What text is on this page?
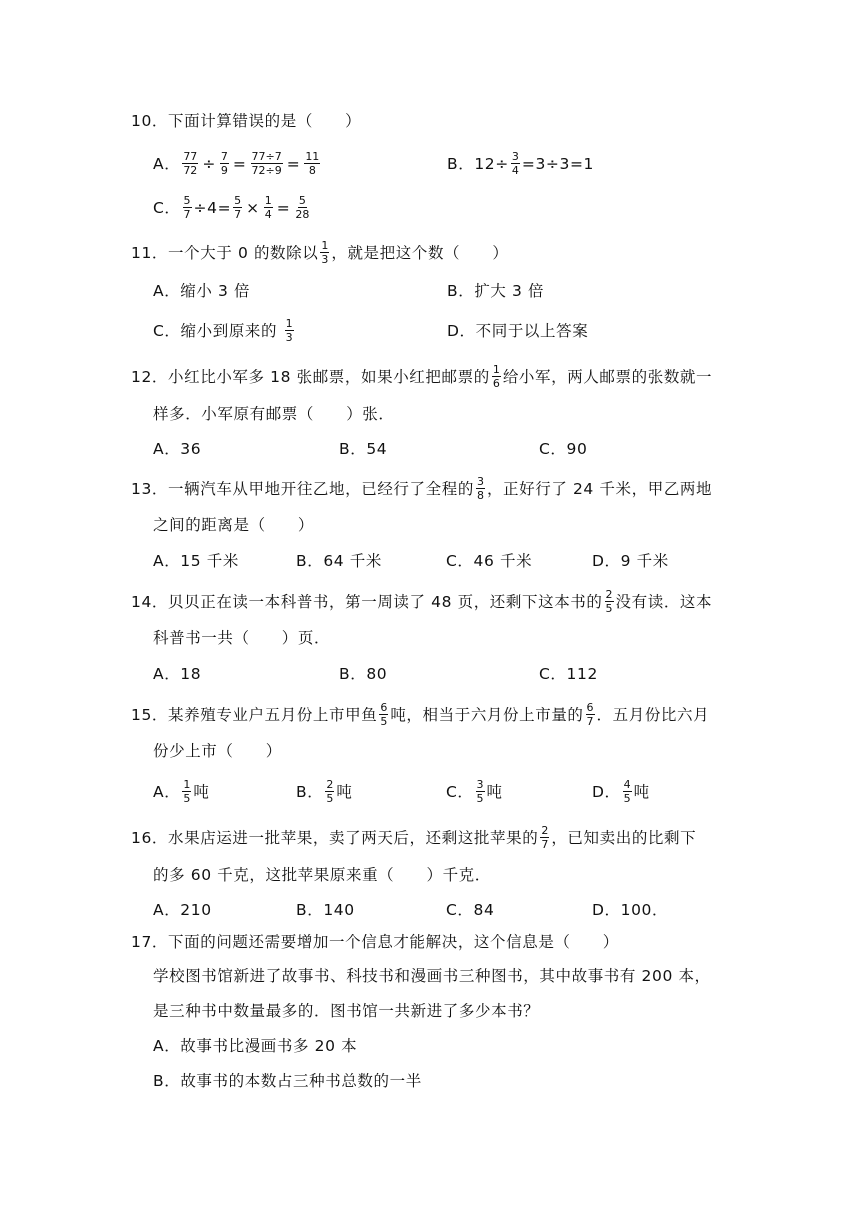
10．下面计算错误的是（　　）
A． $\frac{77}{72} \div \frac{7}{9} = \frac{77\div 7}{72\div 9} = \frac{11}{8}$	B．$12\div \frac{3}{4} =3\div 3=1$
C． $\frac{5}{7} \div 4= \frac{5}{7} \times \frac{1}{4} = \frac{5}{28}$
11．一个大于 0 的数除以 $\frac{1}{3}$ ，就是把这个数（　　）
A．缩小 3 倍	B．扩大 3 倍
C．缩小到原来的 $\frac{1}{3}$	D．不同于以上答案
12．小红比小军多 18 张邮票，如果小红把邮票的 $\frac{1}{6}$ 给小军，两人邮票的张数就一
样多．小军原有邮票（　　）张．
A．36	B．54	C．90
13．一辆汽车从甲地开往乙地，已经行了全程的 $\frac{3}{8}$ ，正好行了 24 千米，甲乙两地
之间的距离是（　　）
A．15 千米	B．64 千米	C．46 千米	D．9 千米
14．贝贝正在读一本科普书，第一周读了 48 页，还剩下这本书的 $\frac{2}{5}$ 没有读．这本
科普书一共（　　）页．
A．18	B．80	C．112
15．某养殖专业户五月份上市甲鱼 $\frac{6}{5}$ 吨，相当于六月份上市量的 $\frac{6}{7}$ ．五月份比六月
份少上市（　　）
A． $\frac{1}{5}$ 吨	B． $\frac{2}{5}$ 吨	C． $\frac{3}{5}$ 吨	D． $\frac{4}{5}$ 吨
16．水果店运进一批苹果，卖了两天后，还剩这批苹果的 $\frac{2}{7}$ ，已知卖出的比剩下
的多 60 千克，这批苹果原来重（　　）千克．
A．210	B．140	C．84	D．100．
17．下面的问题还需要增加一个信息才能解决，这个信息是（　　）
学校图书馆新进了故事书、科技书和漫画书三种图书，其中故事书有 200 本，
是三种书中数量最多的．图书馆一共新进了多少本书？
A．故事书比漫画书多 20 本
B．故事书的本数占三种书总数的一半
